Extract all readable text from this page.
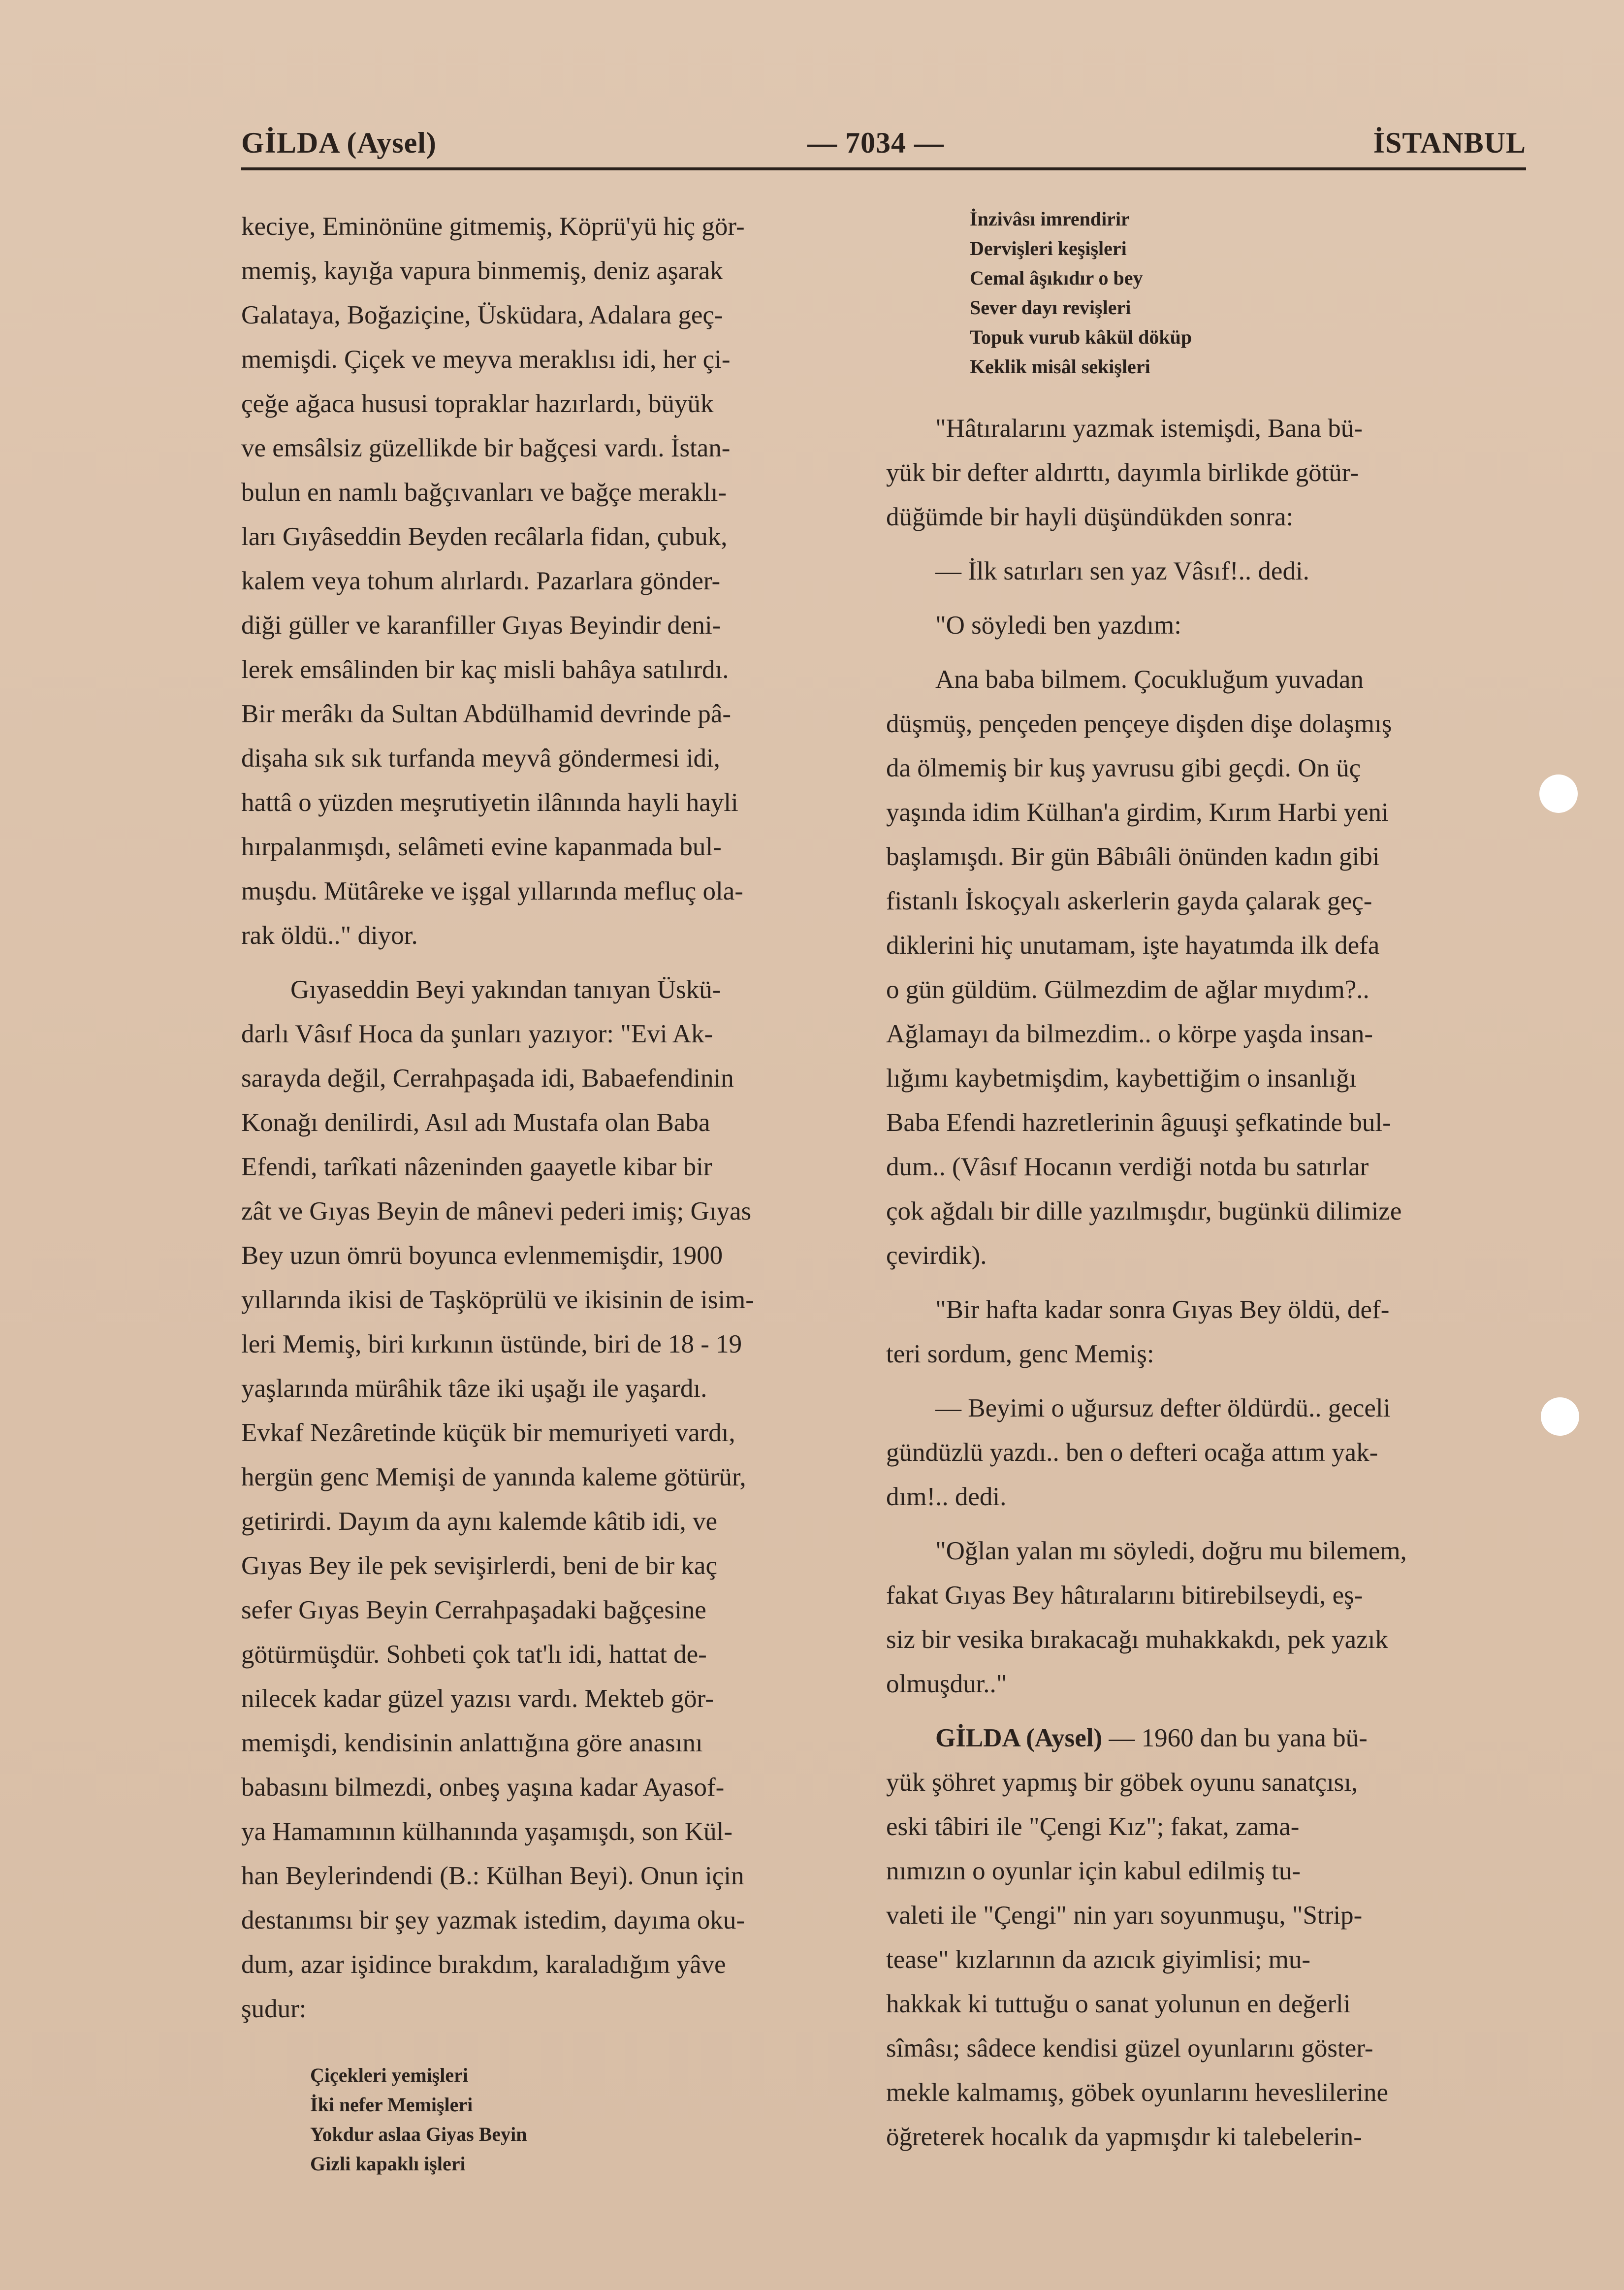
GİLDA (Aysel)	— 7034 —	İSTANBUL

keciye, Eminönüne gitmemiş, Köprü'yü hiç gör-
memiş, kayığa vapura binmemiş, deniz aşarak
Galataya, Boğaziçine, Üsküdara, Adalara geç-
memişdi. Çiçek ve meyva meraklısı idi, her çi-
çeğe ağaca hususi topraklar hazırlardı, büyük
ve emsâlsiz güzellikde bir bağçesi vardı. İstan-
bulun en namlı bağçıvanları ve bağçe meraklı-
ları Gıyâseddin Beyden recâlarla fidan, çubuk,
kalem veya tohum alırlardı. Pazarlara gönder-
diği güller ve karanfiller Gıyas Beyindir deni-
lerek emsâlinden bir kaç misli bahâya satılırdı.
Bir merâkı da Sultan Abdülhamid devrinde pâ-
dişaha sık sık turfanda meyvâ göndermesi idi,
hattâ o yüzden meşrutiyetin ilânında hayli hayli
hırpalanmışdı, selâmeti evine kapanmada bul-
muşdu. Mütâreke ve işgal yıllarında mefluç ola-
rak öldü.." diyor.

Gıyaseddin Beyi yakından tanıyan Üskü-
darlı Vâsıf Hoca da şunları yazıyor: "Evi Ak-
sarayda değil, Cerrahpaşada idi, Babaefendinin
Konağı denilirdi, Asıl adı Mustafa olan Baba
Efendi, tarîkati nâzeninden gaayetle kibar bir
zât ve Gıyas Beyin de mânevi pederi imiş; Gıyas
Bey uzun ömrü boyunca evlenmemişdir, 1900
yıllarında ikisi de Taşköprülü ve ikisinin de isim-
leri Memiş, biri kırkının üstünde, biri de 18 - 19
yaşlarında mürâhik tâze iki uşağı ile yaşardı.
Evkaf Nezâretinde küçük bir memuriyeti vardı,
hergün genc Memişi de yanında kaleme götürür,
getirirdi. Dayım da aynı kalemde kâtib idi, ve
Gıyas Bey ile pek sevişirlerdi, beni de bir kaç
sefer Gıyas Beyin Cerrahpaşadaki bağçesine
götürmüşdür. Sohbeti çok tat'lı idi, hattat de-
nilecek kadar güzel yazısı vardı. Mekteb gör-
memişdi, kendisinin anlattığına göre anasını
babasını bilmezdi, onbeş yaşına kadar Ayasof-
ya Hamamının külhanında yaşamışdı, son Kül-
han Beylerindendi (B.: Külhan Beyi). Onun için
destanımsı bir şey yazmak istedim, dayıma oku-
dum, azar işidince bırakdım, karaladığım yâve
şudur:

Çiçekleri yemişleri
İki nefer Memişleri
Yokdur aslaa Giyas Beyin
Gizli kapaklı işleri

İnzivâsı imrendirir
Dervişleri keşişleri
Cemal âşıkıdır o bey
Sever dayı revişleri
Topuk vurub kâkül döküp
Keklik misâl sekişleri

"Hâtıralarını yazmak istemişdi, Bana bü-
yük bir defter aldırttı, dayımla birlikde götür-
düğümde bir hayli düşündükden sonra:

— İlk satırları sen yaz Vâsıf!.. dedi.

"O söyledi ben yazdım:

Ana baba bilmem. Çocukluğum yuvadan
düşmüş, pençeden pençeye dişden dişe dolaşmış
da ölmemiş bir kuş yavrusu gibi geçdi. On üç
yaşında idim Külhan'a girdim, Kırım Harbi yeni
başlamışdı. Bir gün Bâbıâli önünden kadın gibi
fistanlı İskoçyalı askerlerin gayda çalarak geç-
diklerini hiç unutamam, işte hayatımda ilk defa
o gün güldüm. Gülmezdim de ağlar mıydım?..
Ağlamayı da bilmezdim.. o körpe yaşda insan-
lığımı kaybetmişdim, kaybettiğim o insanlığı
Baba Efendi hazretlerinin âguuşi şefkatinde bul-
dum.. (Vâsıf Hocanın verdiği notda bu satırlar
çok ağdalı bir dille yazılmışdır, bugünkü dilimize
çevirdik).

"Bir hafta kadar sonra Gıyas Bey öldü, def-
teri sordum, genc Memiş:

— Beyimi o uğursuz defter öldürdü.. geceli
gündüzlü yazdı.. ben o defteri ocağa attım yak-
dım!.. dedi.

"Oğlan yalan mı söyledi, doğru mu bilemem,
fakat Gıyas Bey hâtıralarını bitirebilseydi, eş-
siz bir vesika bırakacağı muhakkakdı, pek yazık
olmuşdur.."

GİLDA (Aysel) — 1960 dan bu yana bü-
yük şöhret yapmış bir göbek oyunu sanatçısı,
eski tâbiri ile "Çengi Kız"; fakat, zama-
nımızın o oyunlar için kabul edilmiş tu-
valeti ile "Çengi" nin yarı soyunmuşu, "Strip-
tease" kızlarının da azıcık giyimlisi; mu-
hakkak ki tuttuğu o sanat yolunun en değerli
sîmâsı; sâdece kendisi güzel oyunlarını göster-
mekle kalmamış, göbek oyunlarını heveslilerine
öğreterek hocalık da yapmışdır ki talebelerin-
